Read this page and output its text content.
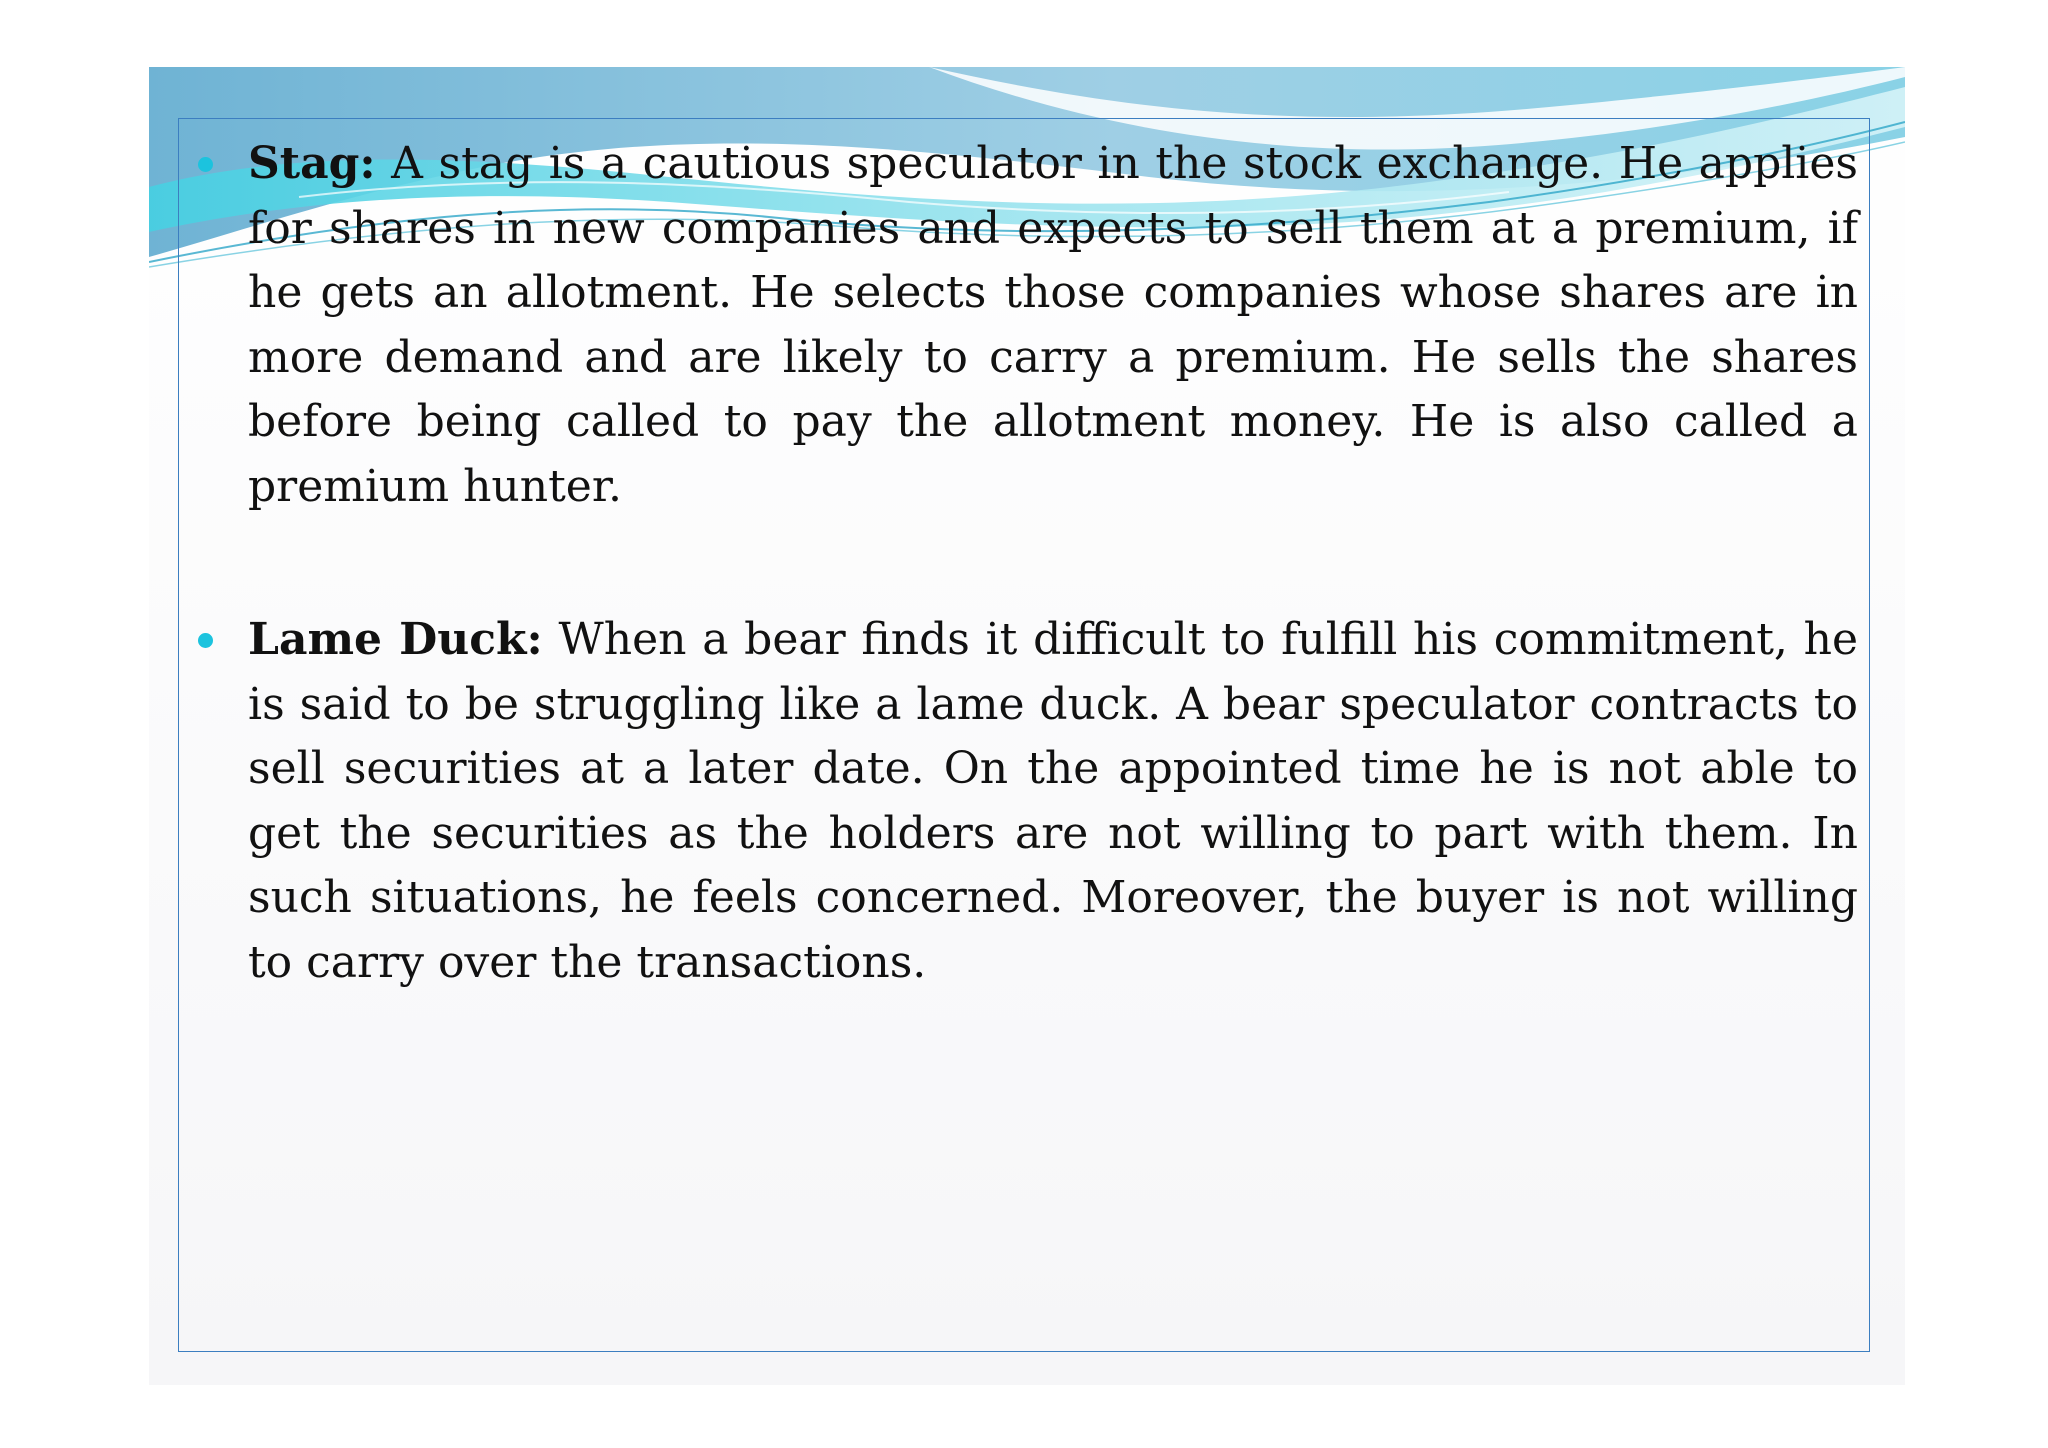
Stag: A stag is a cautious speculator in the stock exchange. He applies for shares in new companies and expects to sell them at a premium, if he gets an allotment. He selects those companies whose shares are in more demand and are likely to carry a premium. He sells the shares before being called to pay the allotment money. He is also called a premium hunter.
Lame Duck: When a bear finds it difficult to fulfill his commitment, he is said to be struggling like a lame duck. A bear speculator contracts to sell securities at a later date. On the appointed time he is not able to get the securities as the holders are not willing to part with them. In such situations, he feels concerned. Moreover, the buyer is not willing to carry over the transactions.
